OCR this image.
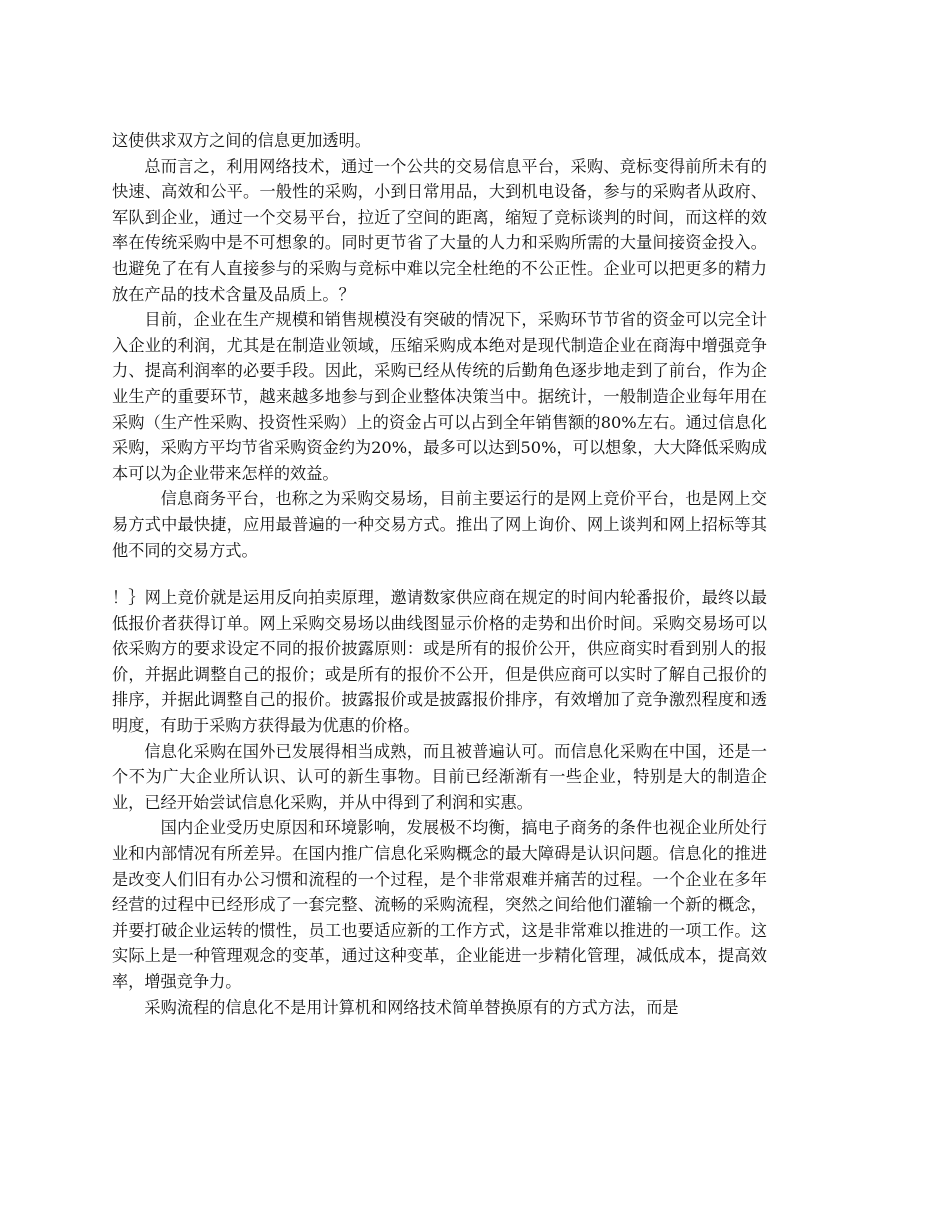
这使供求双方之间的信息更加透明。

总而言之，利用网络技术，通过一个公共的交易信息平台，采购、竞标变得前所未有的快速、高效和公平。一般性的采购，小到日常用品，大到机电设备，参与的采购者从政府、军队到企业，通过一个交易平台，拉近了空间的距离，缩短了竞标谈判的时间，而这样的效率在传统采购中是不可想象的。同时更节省了大量的人力和采购所需的大量间接资金投入。也避免了在有人直接参与的采购与竞标中难以完全杜绝的不公正性。企业可以把更多的精力放在产品的技术含量及品质上。？

目前，企业在生产规模和销售规模没有突破的情况下，采购环节节省的资金可以完全计入企业的利润，尤其是在制造业领域，压缩采购成本绝对是现代制造企业在商海中增强竞争力、提高利润率的必要手段。因此，采购已经从传统的后勤角色逐步地走到了前台，作为企业生产的重要环节，越来越多地参与到企业整体决策当中。据统计，一般制造企业每年用在采购（生产性采购、投资性采购）上的资金占可以占到全年销售额的80%左右。通过信息化采购，采购方平均节省采购资金约为20%，最多可以达到50%，可以想象，大大降低采购成本可以为企业带来怎样的效益。

信息商务平台，也称之为采购交易场，目前主要运行的是网上竞价平台，也是网上交易方式中最快捷，应用最普遍的一种交易方式。推出了网上询价、网上谈判和网上招标等其他不同的交易方式。

！｝网上竞价就是运用反向拍卖原理，邀请数家供应商在规定的时间内轮番报价，最终以最低报价者获得订单。网上采购交易场以曲线图显示价格的走势和出价时间。采购交易场可以依采购方的要求设定不同的报价披露原则：或是所有的报价公开，供应商实时看到别人的报价，并据此调整自己的报价；或是所有的报价不公开，但是供应商可以实时了解自己报价的排序，并据此调整自己的报价。披露报价或是披露报价排序，有效增加了竞争激烈程度和透明度，有助于采购方获得最为优惠的价格。

信息化采购在国外已发展得相当成熟，而且被普遍认可。而信息化采购在中国，还是一个不为广大企业所认识、认可的新生事物。目前已经渐渐有一些企业，特别是大的制造企业，已经开始尝试信息化采购，并从中得到了利润和实惠。

国内企业受历史原因和环境影响，发展极不均衡，搞电子商务的条件也视企业所处行业和内部情况有所差异。在国内推广信息化采购概念的最大障碍是认识问题。信息化的推进是改变人们旧有办公习惯和流程的一个过程，是个非常艰难并痛苦的过程。一个企业在多年经营的过程中已经形成了一套完整、流畅的采购流程，突然之间给他们灌输一个新的概念，并要打破企业运转的惯性，员工也要适应新的工作方式，这是非常难以推进的一项工作。这实际上是一种管理观念的变革，通过这种变革，企业能进一步精化管理，减低成本，提高效率，增强竞争力。

采购流程的信息化不是用计算机和网络技术简单替换原有的方式方法，而是
